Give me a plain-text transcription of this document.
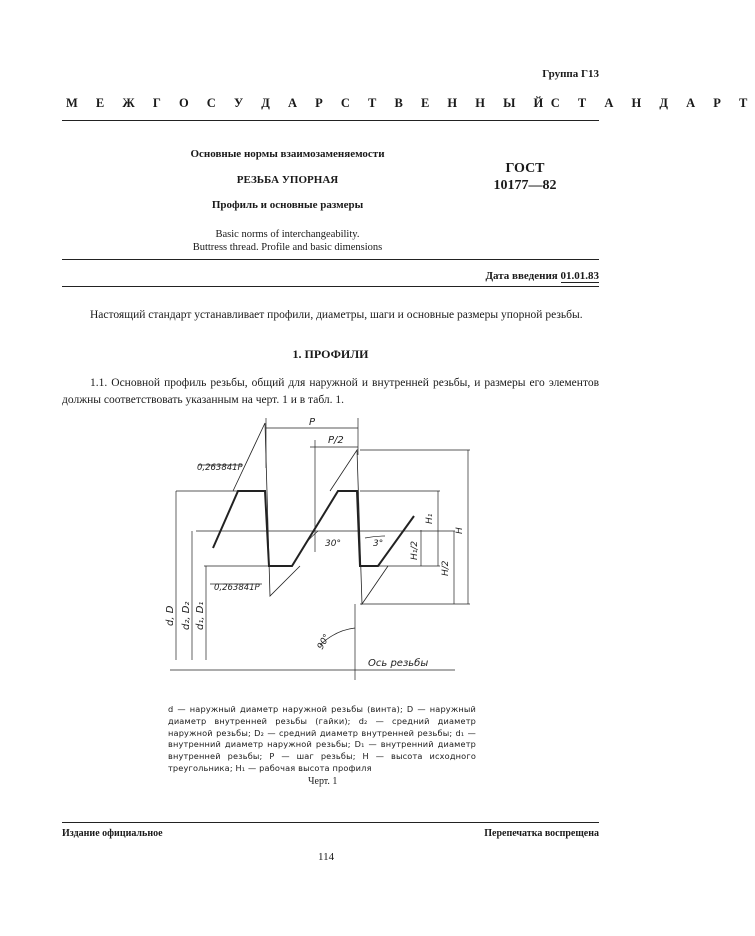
Группа Г13
М Е Ж Г О С У Д А Р С Т В Е Н Н Ы Й С Т А Н Д А Р Т
Основные нормы взаимозаменяемости
РЕЗЬБА УПОРНАЯ
Профиль и основные размеры
Basic norms of interchangeability.
Buttress thread. Profile and basic dimensions
ГОСТ
10177—82
Дата введения 01.01.83
Настоящий стандарт устанавливает профили, диаметры, шаги и основные размеры упорной резьбы.
1. ПРОФИЛИ
1.1. Основной профиль резьбы, общий для наружной и внутренней резьбы, и размеры его элементов должны соответствовать указанным на черт. 1 и в табл. 1.
P
P/2
0,263841P
0,263841P
30°	3°
90°
Ось резьбы
H
H₁
H/2
H₁/2
d, D d₂, D₂ d₁, D₁
d — наружный диаметр наружной резьбы (винта); D — наружный диаметр внутренней резьбы (гайки); d₂ — средний диаметр наружной резьбы; D₂ — средний диаметр внутренней резьбы; d₁ — внутренний диаметр наружной резьбы; D₁ — внутренний диаметр внутренней резьбы; P — шаг резьбы; H — высота исходного треугольника; H₁ — рабочая высота профиля
Черт. 1
Издание официальное	Перепечатка воспрещена
114
